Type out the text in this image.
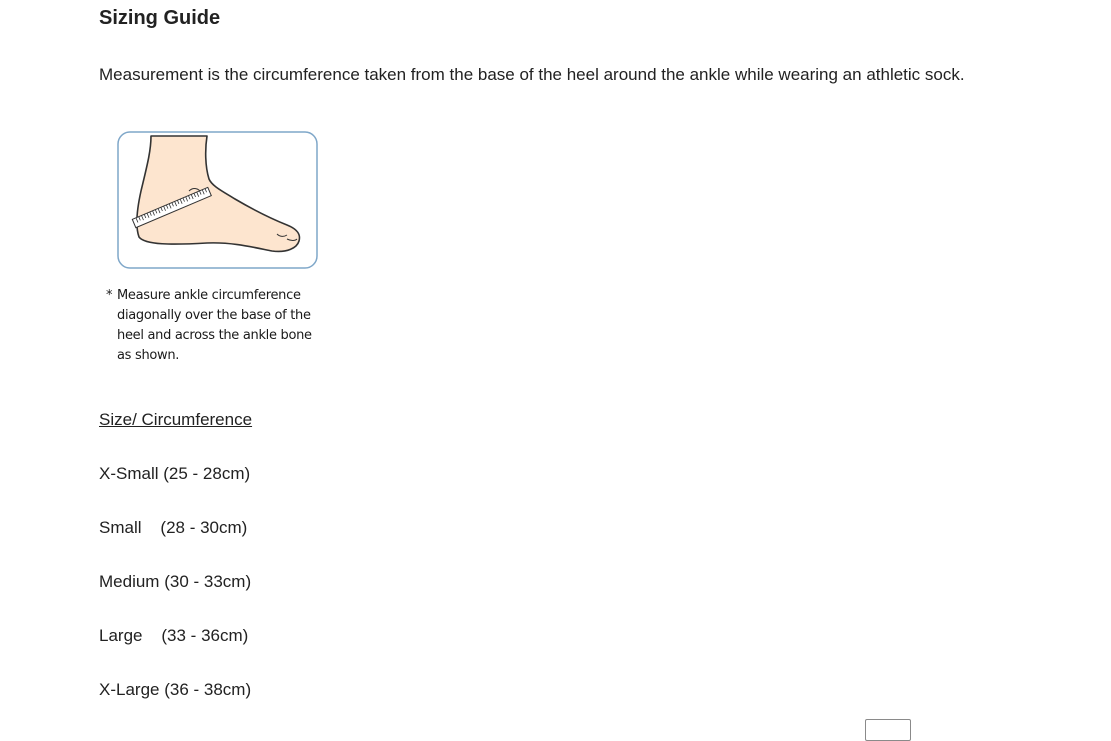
Sizing Guide

Measurement is the circumference taken from the base of the heel around the ankle while wearing an athletic sock.

* Measure ankle circumference diagonally over the base of the heel and across the ankle bone as shown.

Size/ Circumference

X-Small (25 - 28cm)

Small (28 - 30cm)

Medium (30 - 33cm)

Large (33 - 36cm)

X-Large (36 - 38cm)
